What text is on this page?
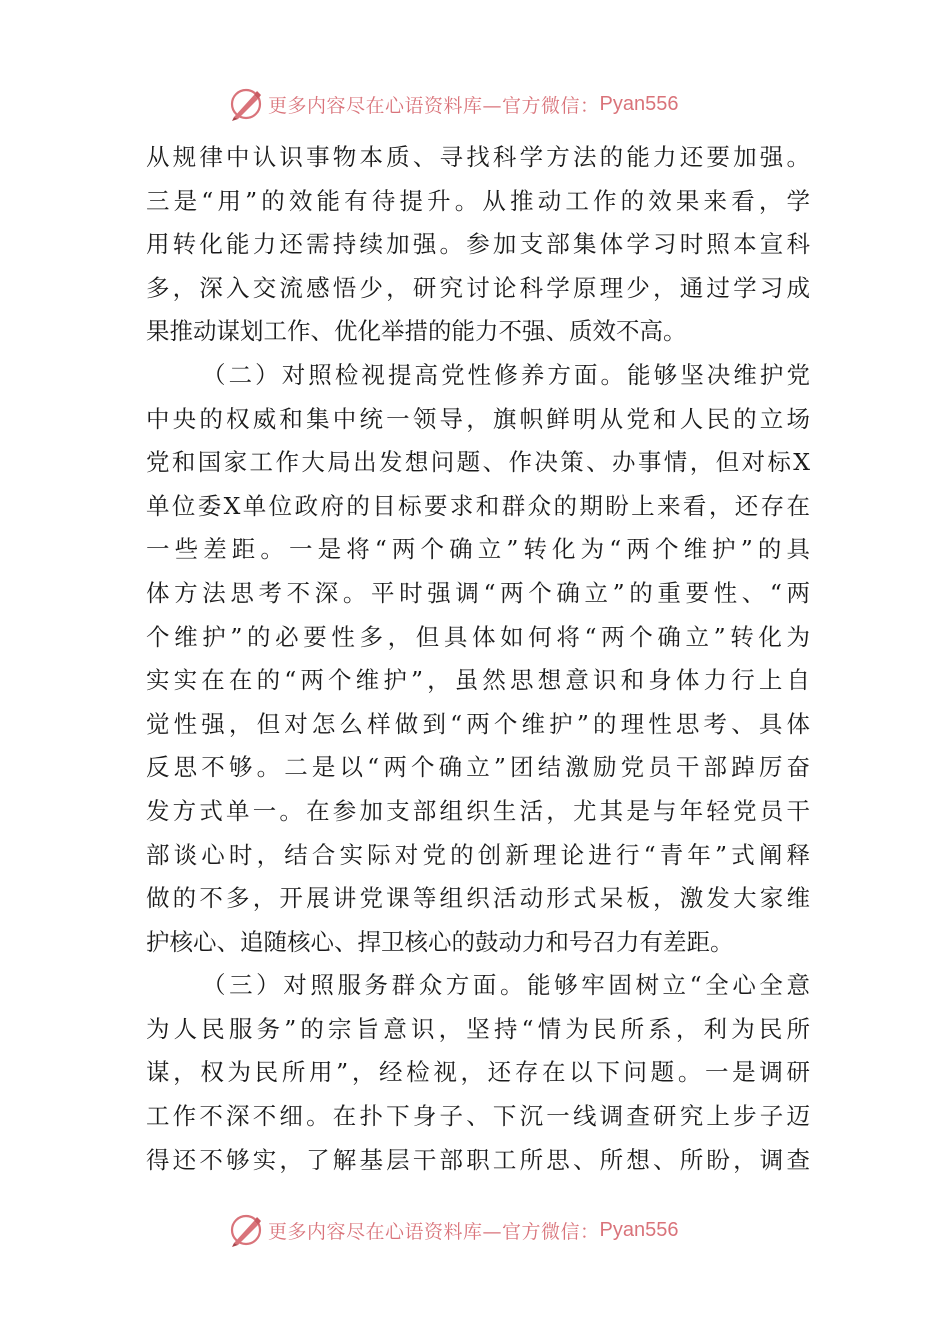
更多内容尽在心语资料库—官方微信： Pyan556
从规律中认识事物本质、寻找科学方法的能力还要加强。
三是“用”的效能有待提升。从推动工作的效果来看，学
用转化能力还需持续加强。参加支部集体学习时照本宣科
多，深入交流感悟少，研究讨论科学原理少，通过学习成
果推动谋划工作、优化举措的能力不强、质效不高。
（二）对照检视提高党性修养方面。能够坚决维护党
中央的权威和集中统一领导，旗帜鲜明从党和人民的立场
党和国家工作大局出发想问题、作决策、办事情，但对标X
单位委X单位政府的目标要求和群众的期盼上来看，还存在
一些差距。一是将“两个确立”转化为“两个维护”的具
体方法思考不深。平时强调“两个确立”的重要性、“两
个维护”的必要性多，但具体如何将“两个确立”转化为
实实在在的“两个维护”，虽然思想意识和身体力行上自
觉性强，但对怎么样做到“两个维护”的理性思考、具体
反思不够。二是以“两个确立”团结激励党员干部踔厉奋
发方式单一。在参加支部组织生活，尤其是与年轻党员干
部谈心时，结合实际对党的创新理论进行“青年”式阐释
做的不多，开展讲党课等组织活动形式呆板，激发大家维
护核心、追随核心、捍卫核心的鼓动力和号召力有差距。
（三）对照服务群众方面。能够牢固树立“全心全意
为人民服务”的宗旨意识，坚持“情为民所系，利为民所
谋，权为民所用”，经检视，还存在以下问题。一是调研
工作不深不细。在扑下身子、下沉一线调查研究上步子迈
得还不够实，了解基层干部职工所思、所想、所盼，调查
更多内容尽在心语资料库—官方微信： Pyan556
